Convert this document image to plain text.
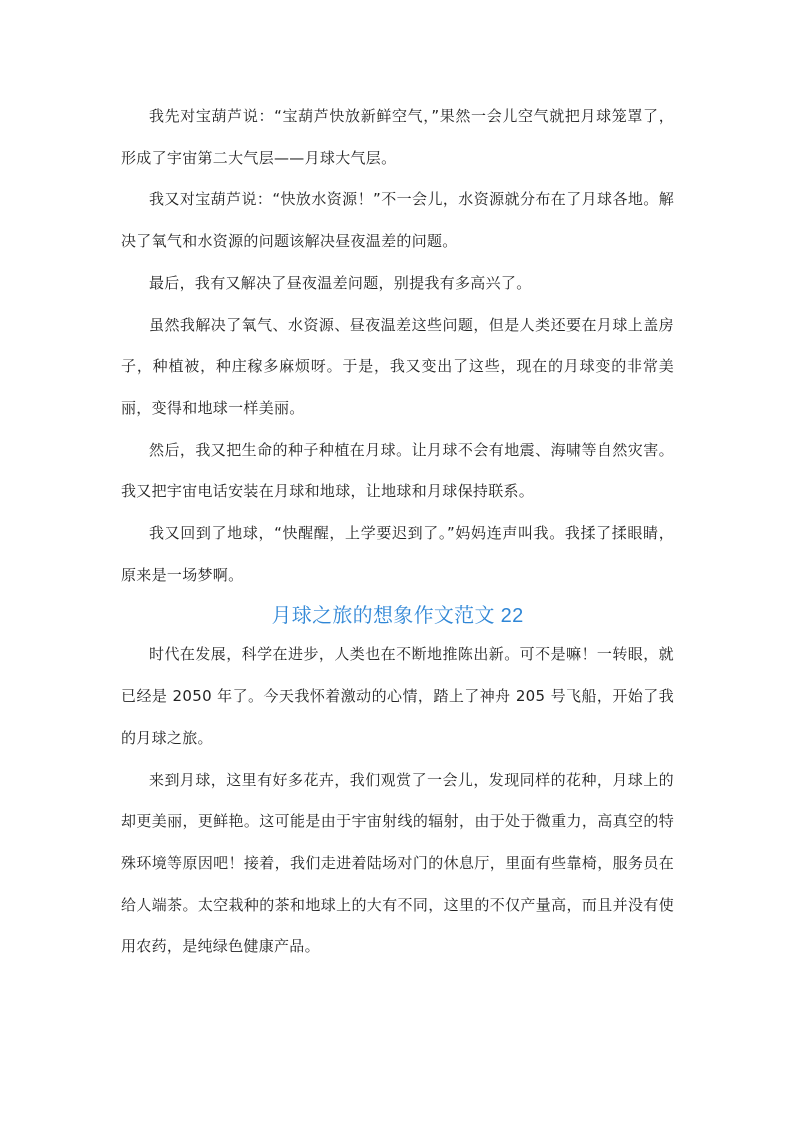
我先对宝葫芦说：“宝葫芦快放新鲜空气，”果然一会儿空气就把月球笼罩了，形成了宇宙第二大气层——月球大气层。

我又对宝葫芦说：“快放水资源！”不一会儿，水资源就分布在了月球各地。解决了氧气和水资源的问题该解决昼夜温差的问题。

最后，我有又解决了昼夜温差问题，别提我有多高兴了。

虽然我解决了氧气、水资源、昼夜温差这些问题，但是人类还要在月球上盖房子，种植被，种庄稼多麻烦呀。于是，我又变出了这些，现在的月球变的非常美丽，变得和地球一样美丽。

然后，我又把生命的种子种植在月球。让月球不会有地震、海啸等自然灾害。我又把宇宙电话安装在月球和地球，让地球和月球保持联系。

我又回到了地球，“快醒醒，上学要迟到了。”妈妈连声叫我。我揉了揉眼睛，原来是一场梦啊。

月球之旅的想象作文范文 22

时代在发展，科学在进步，人类也在不断地推陈出新。可不是嘛！一转眼，就已经是 2050 年了。今天我怀着激动的心情，踏上了神舟 205 号飞船，开始了我的月球之旅。

来到月球，这里有好多花卉，我们观赏了一会儿，发现同样的花种，月球上的却更美丽，更鲜艳。这可能是由于宇宙射线的辐射，由于处于微重力，高真空的特殊环境等原因吧！接着，我们走进着陆场对门的休息厅，里面有些靠椅，服务员在给人端茶。太空栽种的茶和地球上的大有不同，这里的不仅产量高，而且并没有使用农药，是纯绿色健康产品。
